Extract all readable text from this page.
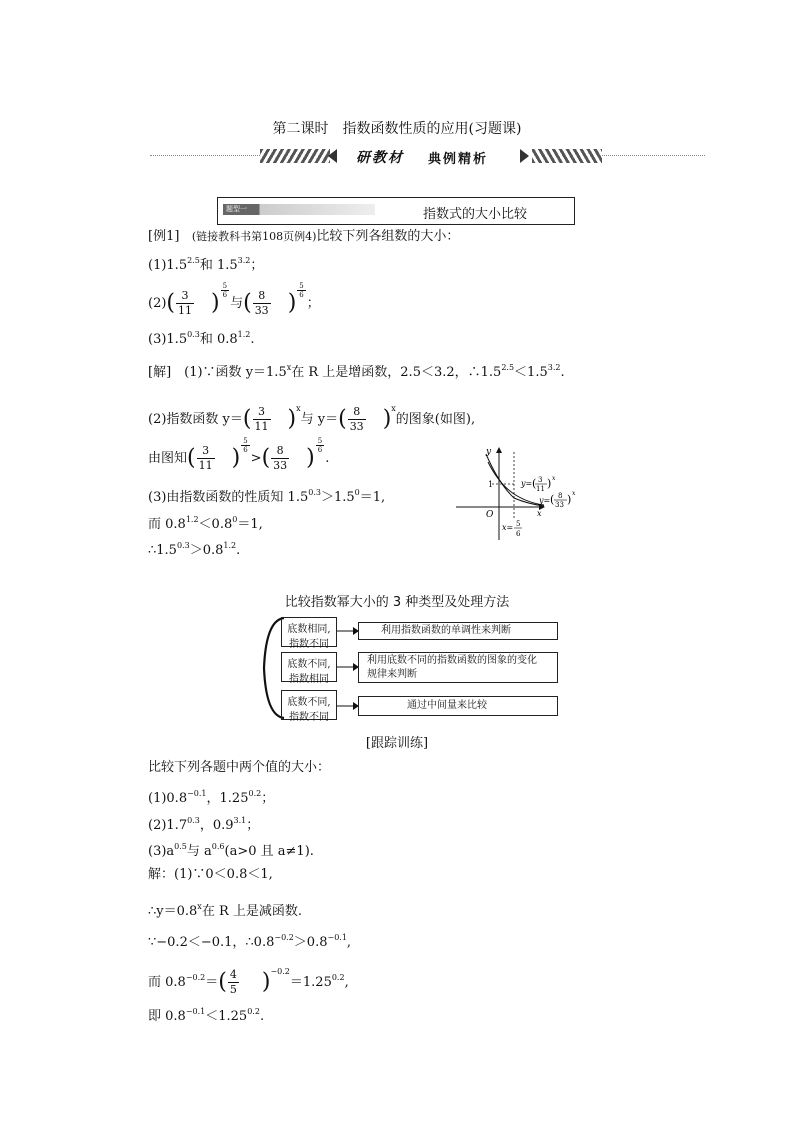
第二课时　指数函数性质的应用(习题课)
研教材 典例精析
题型一	指数式的大小比较
[例1] (链接教科书第108页例4)比较下列各组数的大小：
$(1)1.5^{2.5}$和 $1.5^{3.2}$；
$(2)( \frac{3}{11}$ ) $\frac{5}{6}$
与( $\frac{8}{33}$ ) $\frac{5}{6}$
；
$(3)1.5^{0.3}$和 $0.8^{1.2}$.
[解]　(1)∵函数 $y=1.5^x$在 R 上是增函数，2.5＜3.2，$\therefore 1.5^{2.5}<1.5^{3.2}$.
(2)指数函数 $y=( \frac{3}{11} )^x$与 $y=( \frac{8}{33} )^x$的图象(如图),
由图知( $\frac{3}{11}$ ) $\frac{5}{6}$
>( $\frac{8}{33}$ ) $\frac{5}{6}$
.
(3)由指数函数的性质知 $1.5^{0.3}>1.5^0=1$,
而 $0.8^{1.2}<0.8^0=1$,
$\therefore 1.5^{0.3}>0.8^{1.2}$.
y
x
O
1	y= 3
11
( ) x
y= 8
33
( ) x
x= 5
6
比较指数幂大小的 3 种类型及处理方法
底数相同,
指数不同
利用指数函数的单调性来判断
底数不同,
指数相同
利用底数不同的指数函数的图象的变化
规律来判断
底数不同,
指数不同
通过中间量来比较
[跟踪训练]
比较下列各题中两个值的大小：
$(1)0.8^{-0.1}$，$1.25^{0.2}$；
$(2)1.7^{0.3}$，$0.9^{3.1}$；
$(3)a^{0.5}$与 $a^{0.6}(a>0$ 且 a≠1).
解：(1)∵0＜0.8＜1,
$\therefore y=0.8^x$在 R 上是减函数.
∵−0.2＜−0.1，$\therefore 0.8^{-0.2}>0.8^{-0.1}$,
而 $0.8^{-0.2}=( \frac{4}{5} )^{-0.2}=1.25^{0.2}$,
即 $0.8^{-0.1}<1.25^{0.2}$.
